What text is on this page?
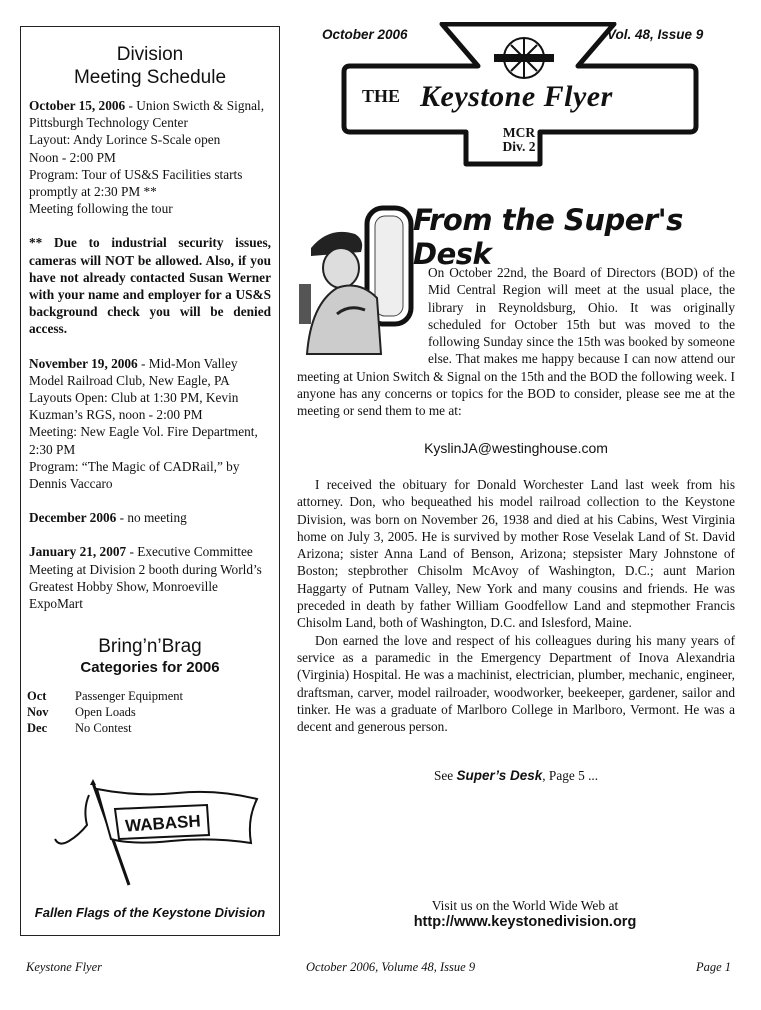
Division
Meeting Schedule
October 15, 2006 - Union Swicth & Signal, Pittsburgh Technology Center
Layout: Andy Lorince S-Scale open
Noon - 2:00 PM
Program: Tour of US&S Facilities starts promptly at 2:30 PM **
Meeting following the tour
** Due to industrial security issues, cameras will NOT be allowed. Also, if you have not already contacted Susan Werner with your name and employer for a US&S background check you will be denied access.
November 19, 2006 - Mid-Mon Valley Model Railroad Club, New Eagle, PA
Layouts Open: Club at 1:30 PM, Kevin Kuzman’s RGS, noon - 2:00 PM
Meeting: New Eagle Vol. Fire Department, 2:30 PM
Program: “The Magic of CADRail,” by Dennis Vaccaro
December 2006 - no meeting
January 21, 2007 - Executive Committee Meeting at Division 2 booth during World’s Greatest Hobby Show, Monroeville ExpoMart
Bring’n’Brag
Categories for 2006
Oct	Passenger Equipment
Nov	Open Loads
Dec	No Contest
WABASH
Fallen Flags of the Keystone Division
October 2006	Vol. 48, Issue 9
THE Keystone Flyer
MCR
Div. 2
From the Super's Desk
On October 22nd, the Board of Directors (BOD) of the Mid Central Region will meet at the usual place, the library in Reynoldsburg, Ohio. It was originally scheduled for October 15th but was moved to the following Sunday since the 15th was booked by someone else. That makes me happy because I can now attend our meeting at Union Switch & Signal on the 15th and the BOD the following week. I anyone has any concerns or topics for the BOD to consider, please see me at the meeting or send them to me at:
KyslinJA@westinghouse.com

I received the obituary for Donald Worchester Land last week from his attorney. Don, who bequeathed his model railroad collection to the Keystone Division, was born on November 26, 1938 and died at his Cabins, West Virginia home on July 3, 2005. He is survived by mother Rose Veselak Land of St. David Arizona; sister Anna Land of Benson, Arizona; stepsister Mary Johnstone of Boston; stepbrother Chisolm McAvoy of Washington, D.C.; aunt Marion Haggarty of Putnam Valley, New York and many cousins and friends. He was preceded in death by father William Goodfellow Land and stepmother Francis Chisolm Land, both of Washington, D.C. and Islesford, Maine.

Don earned the love and respect of his colleagues during his many years of service as a paramedic in the Emergency Department of Inova Alexandria (Virginia) Hospital. He was a machinist, electrician, plumber, mechanic, engineer, draftsman, carver, model railroader, woodworker, beekeeper, gardener, sailor and tinker. He was a graduate of Marlboro College in Marlboro, Vermont. He was a decent and generous person.

See Super’s Desk, Page 5 ...
Visit us on the World Wide Web at
http://www.keystonedivision.org
Keystone Flyer	October 2006, Volume 48, Issue 9	Page 1
